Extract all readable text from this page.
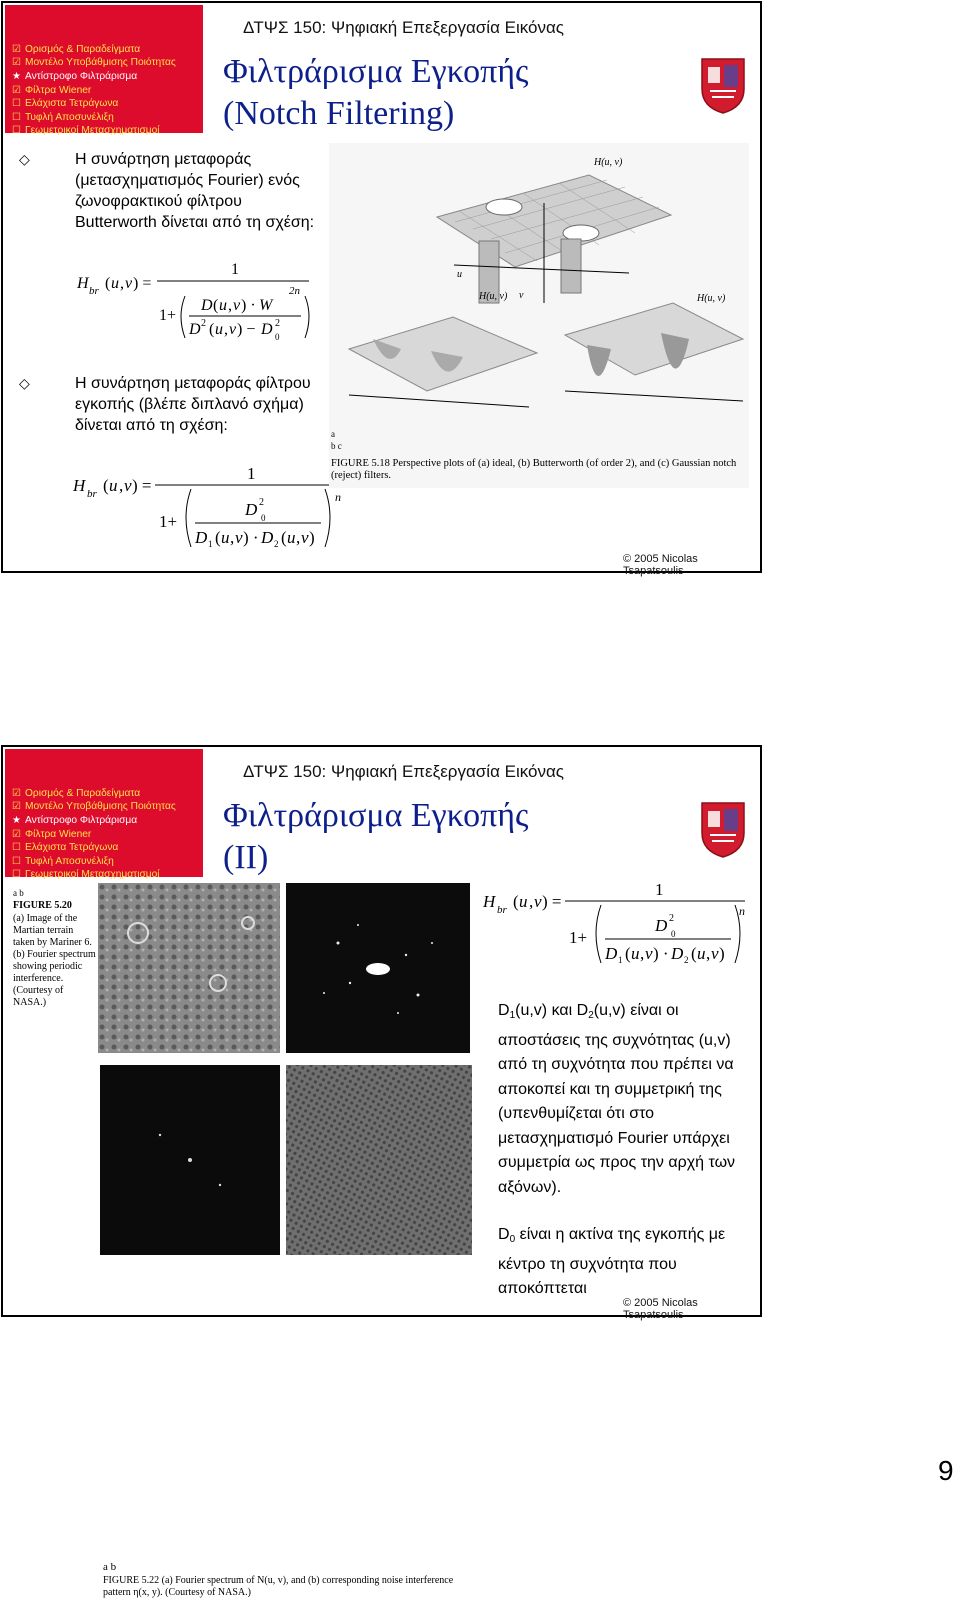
☑ Ορισμός & Παραδείγματα
☑ Μοντέλο Υποβάθμισης Ποιότητας
★ Αντίστροφο Φιλτράρισμα
☑ Φίλτρα Wiener
☐ Ελάχιστα Τετράγωνα
☐ Τυφλή Αποσυνέλιξη
☐ Γεωμετρικοί Μετασχηματισμοί
ΔΤΨΣ 150: Ψηφιακή Επεξεργασία Εικόνας
Φιλτράρισμα Εγκοπής
(Notch Filtering)
◇	Η συνάρτηση μεταφοράς (μετασχηματισμός Fourier) ενός ζωνοφρακτικού φίλτρου Butterworth δίνεται από τη σχέση:
H br ( u , v ) =
1
2n
1+
D ( u , v ) · W
D 2 ( u , v ) − D 2
0
◇	Η συνάρτηση μεταφοράς φίλτρου εγκοπής (βλέπε διπλανό σχήμα) δίνεται από τη σχέση:
H br ( u , v ) =
1
n
1+
D 2
0
D 1 ( u , v ) · D 2 ( u , v )
H(u, v)
u
v
H(u, v)	H(u, v)
a
b c
FIGURE 5.18 Perspective plots of (a) ideal, (b) Butterworth (of order 2), and (c) Gaussian notch (reject) filters.
© 2005 Nicolas Tsapatsoulis
☑ Ορισμός & Παραδείγματα
☑ Μοντέλο Υποβάθμισης Ποιότητας
★ Αντίστροφο Φιλτράρισμα
☑ Φίλτρα Wiener
☐ Ελάχιστα Τετράγωνα
☐ Τυφλή Αποσυνέλιξη
☐ Γεωμετρικοί Μετασχηματισμοί
ΔΤΨΣ 150: Ψηφιακή Επεξεργασία Εικόνας
Φιλτράρισμα Εγκοπής
(ΙΙ)
a b
FIGURE 5.20
(a) Image of the Martian terrain taken by Mariner 6. (b) Fourier spectrum showing periodic interference. (Courtesy of NASA.)
a b
FIGURE 5.22 (a) Fourier spectrum of N(u, v), and (b) corresponding noise interference pattern η(x, y). (Courtesy of NASA.)
H br ( u , v ) =
1
n
1+
D 2
0
D 1 ( u , v ) · D 2 ( u , v )
$D_1(u,v)$ και $D_2(u,v)$ είναι οι αποστάσεις της συχνότητας (u,v) από τη συχνότητα που πρέπει να αποκοπεί και τη συμμετρική της (υπενθυμίζεται ότι στο μετασχηματισμό Fourier υπάρχει συμμετρία ως προς την αρχή των αξόνων).
$D_0$ είναι η ακτίνα της εγκοπής με κέντρο τη συχνότητα που αποκόπτεται
© 2005 Nicolas Tsapatsoulis
9
